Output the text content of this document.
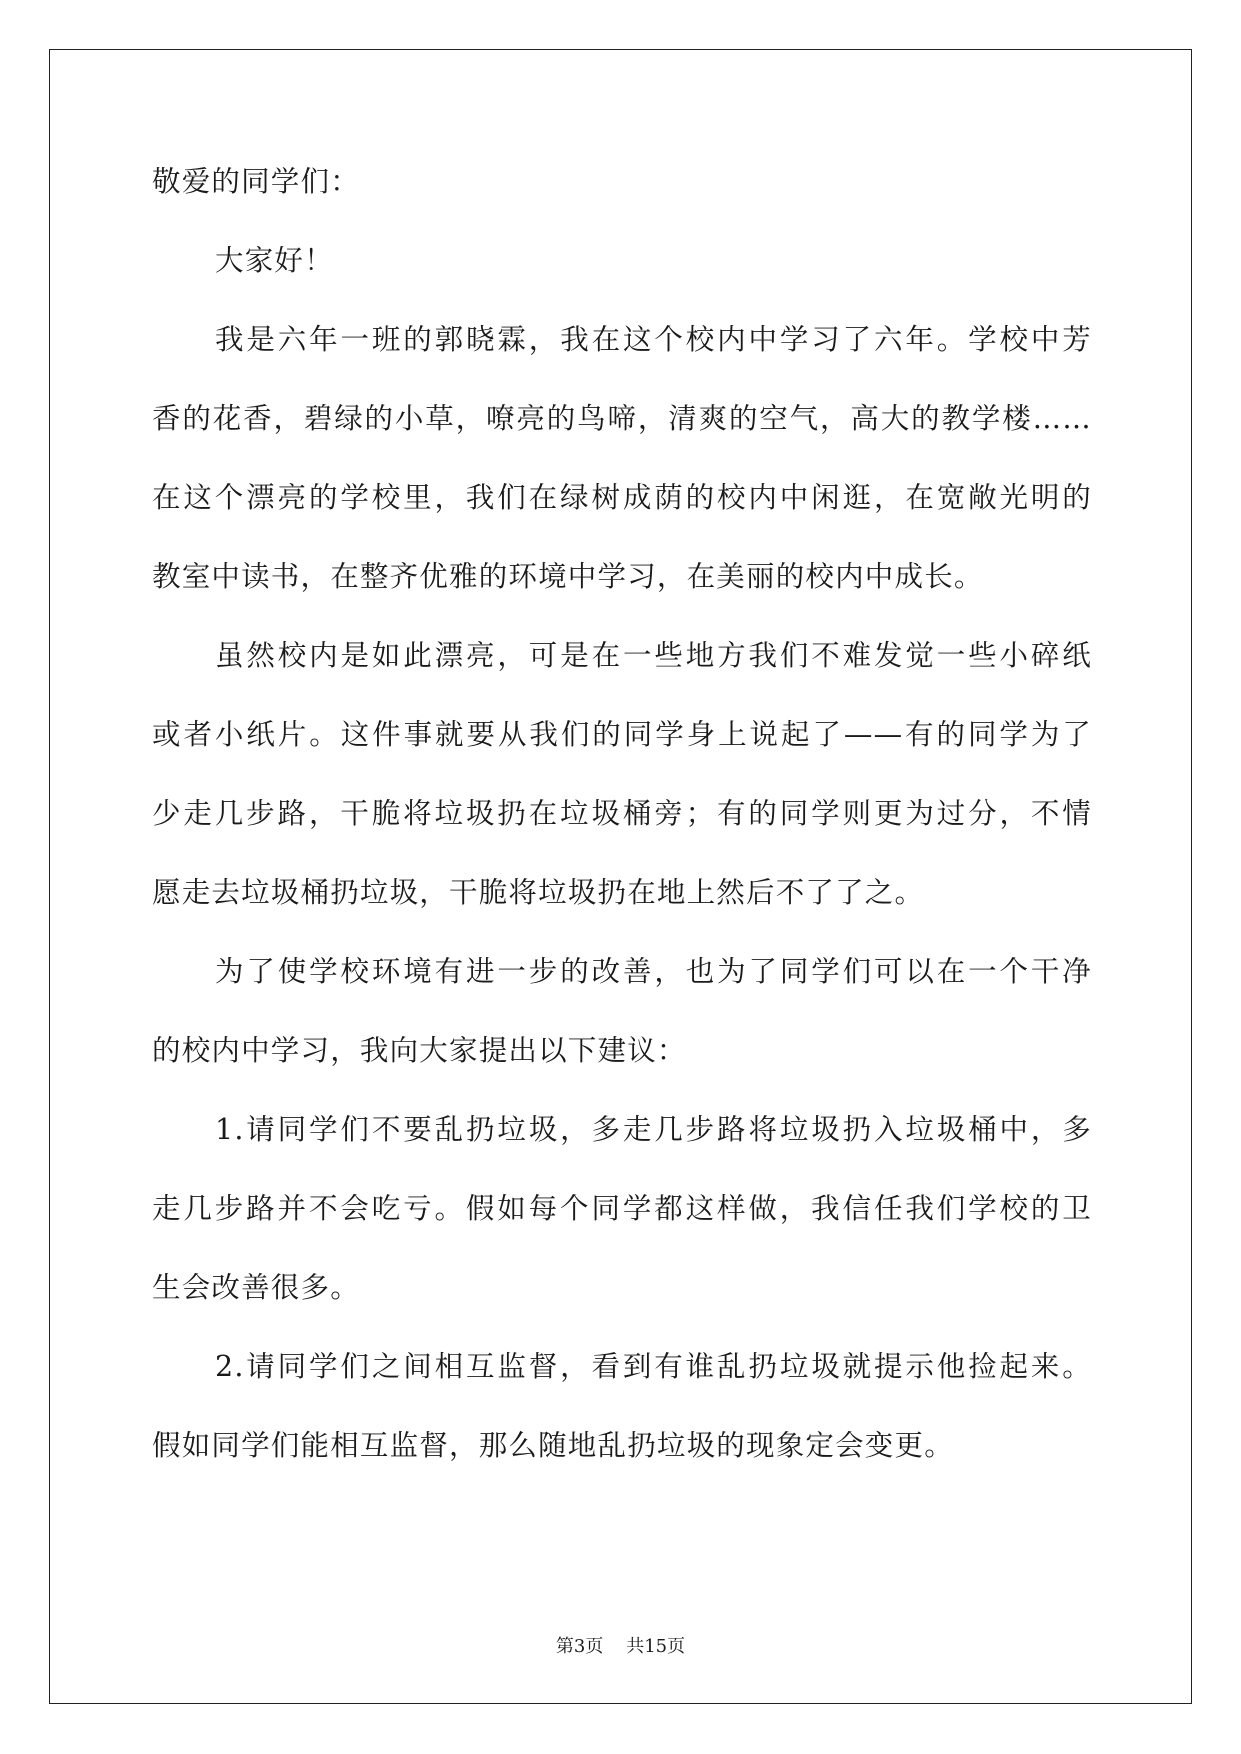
敬爱的同学们：
大家好！
我是六年一班的郭晓霖，我在这个校内中学习了六年。学校中芳
香的花香，碧绿的小草，嘹亮的鸟啼，清爽的空气，高大的教学楼……
在这个漂亮的学校里，我们在绿树成荫的校内中闲逛，在宽敞光明的
教室中读书，在整齐优雅的环境中学习，在美丽的校内中成长。
虽然校内是如此漂亮，可是在一些地方我们不难发觉一些小碎纸
或者小纸片。这件事就要从我们的同学身上说起了——有的同学为了
少走几步路，干脆将垃圾扔在垃圾桶旁；有的同学则更为过分，不情
愿走去垃圾桶扔垃圾，干脆将垃圾扔在地上然后不了了之。
为了使学校环境有进一步的改善，也为了同学们可以在一个干净
的校内中学习，我向大家提出以下建议：
1.请同学们不要乱扔垃圾，多走几步路将垃圾扔入垃圾桶中，多
走几步路并不会吃亏。假如每个同学都这样做，我信任我们学校的卫
生会改善很多。
2.请同学们之间相互监督，看到有谁乱扔垃圾就提示他捡起来。
假如同学们能相互监督，那么随地乱扔垃圾的现象定会变更。
第3页 共15页
